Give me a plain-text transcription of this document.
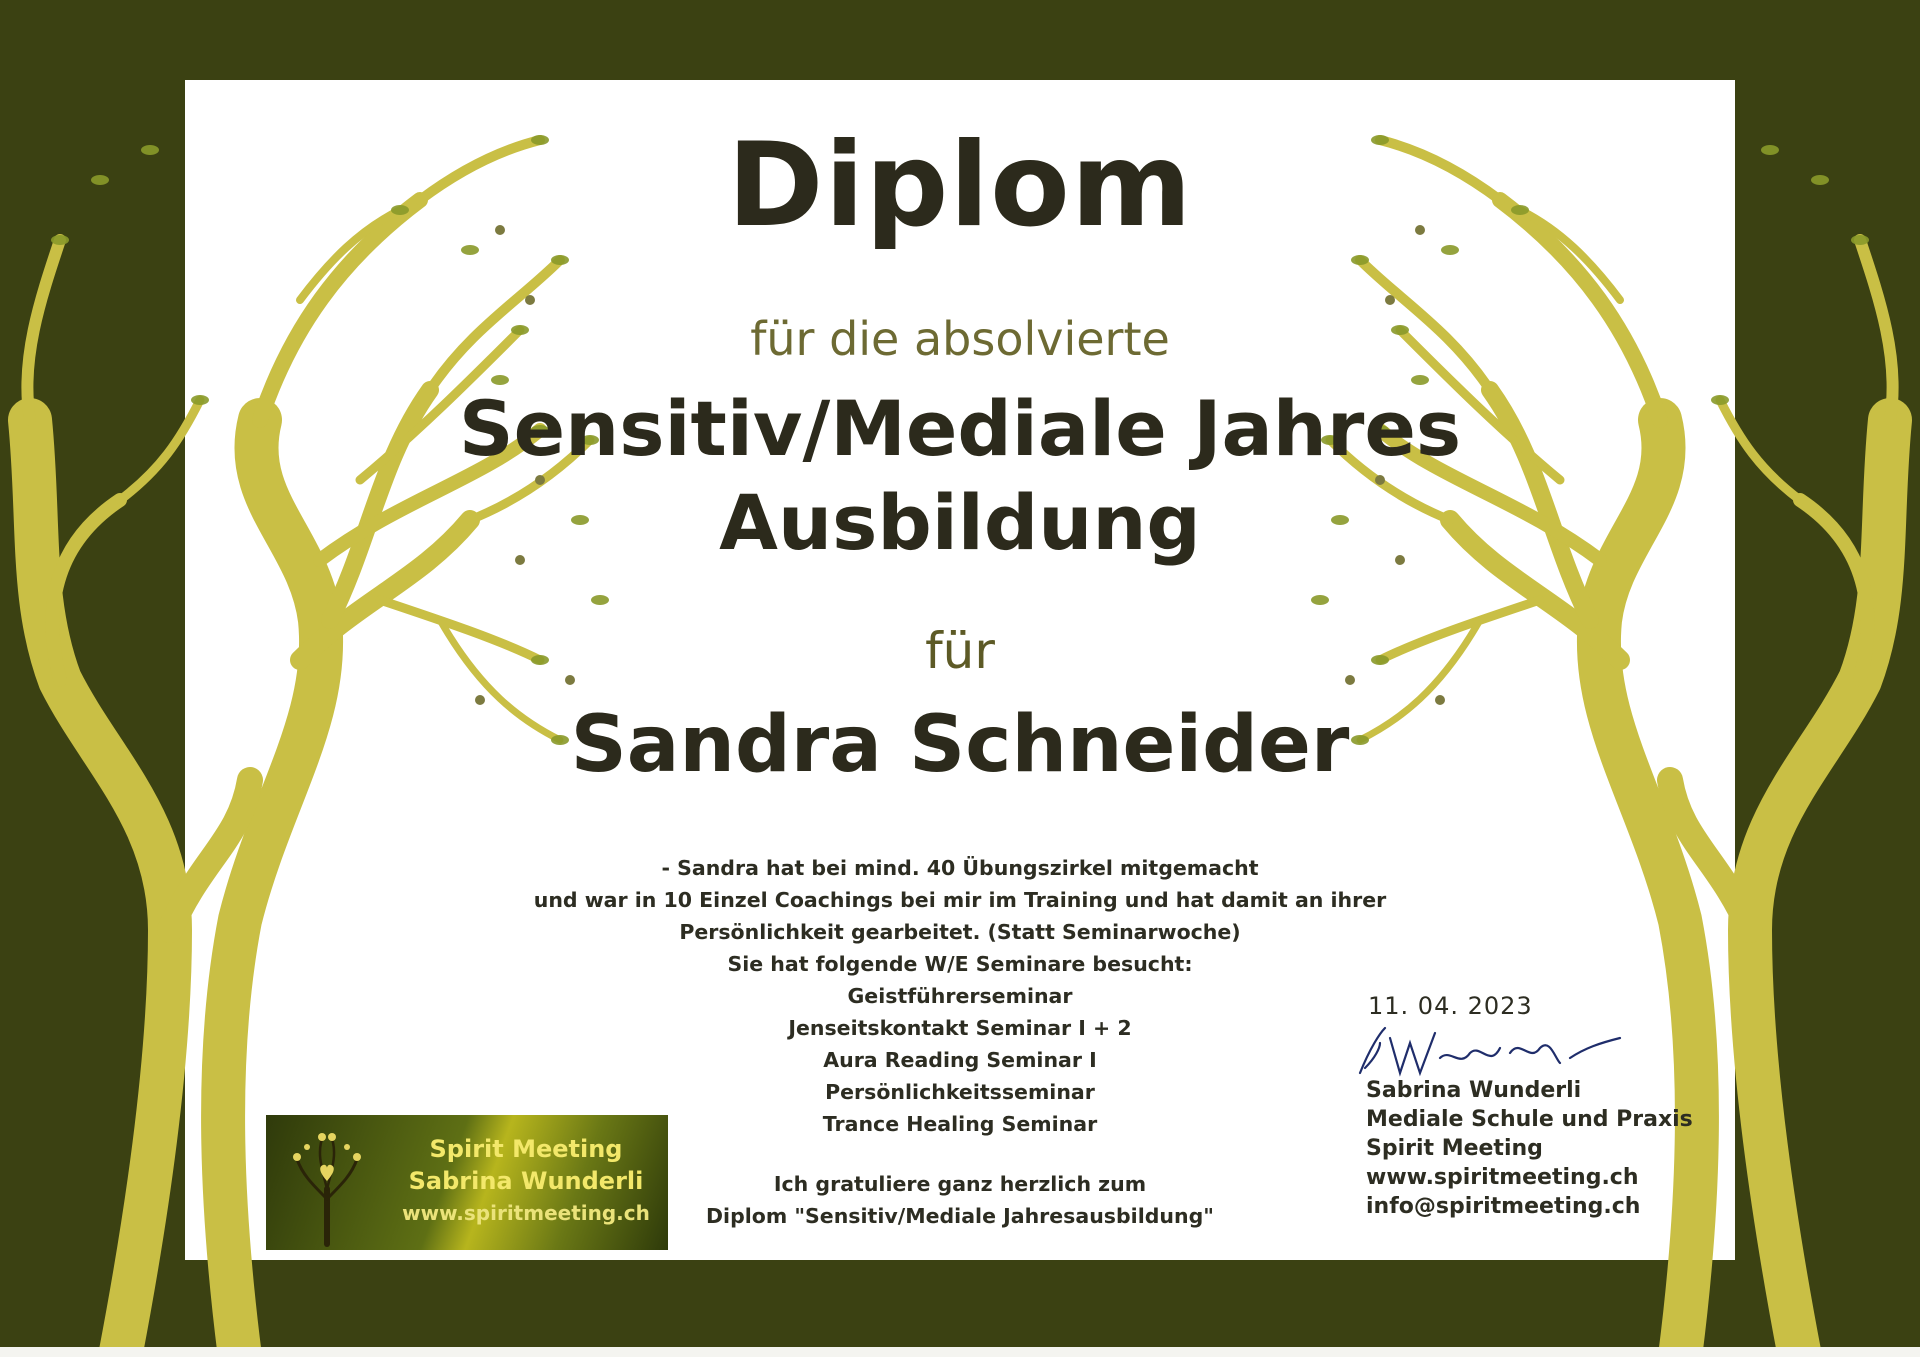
Diplom
für die absolvierte
Sensitiv/Mediale Jahres
Ausbildung
für
Sandra Schneider
- Sandra hat bei mind. 40 Übungszirkel mitgemacht
und war in 10 Einzel Coachings bei mir im Training und hat damit an ihrer
Persönlichkeit gearbeitet. (Statt Seminarwoche)
Sie hat folgende W/E Seminare besucht:
Geistführerseminar
Jenseitskontakt Seminar I + 2
Aura Reading Seminar I
Persönlichkeitsseminar
Trance Healing Seminar
Ich gratuliere ganz herzlich zum
Diplom "Sensitiv/Mediale Jahresausbildung"
11. 04. 2023
Sabrina Wunderli
Mediale Schule und Praxis
Spirit Meeting
www.spiritmeeting.ch
info@spiritmeeting.ch
Spirit Meeting
Sabrina Wunderli
www.spiritmeeting.ch
